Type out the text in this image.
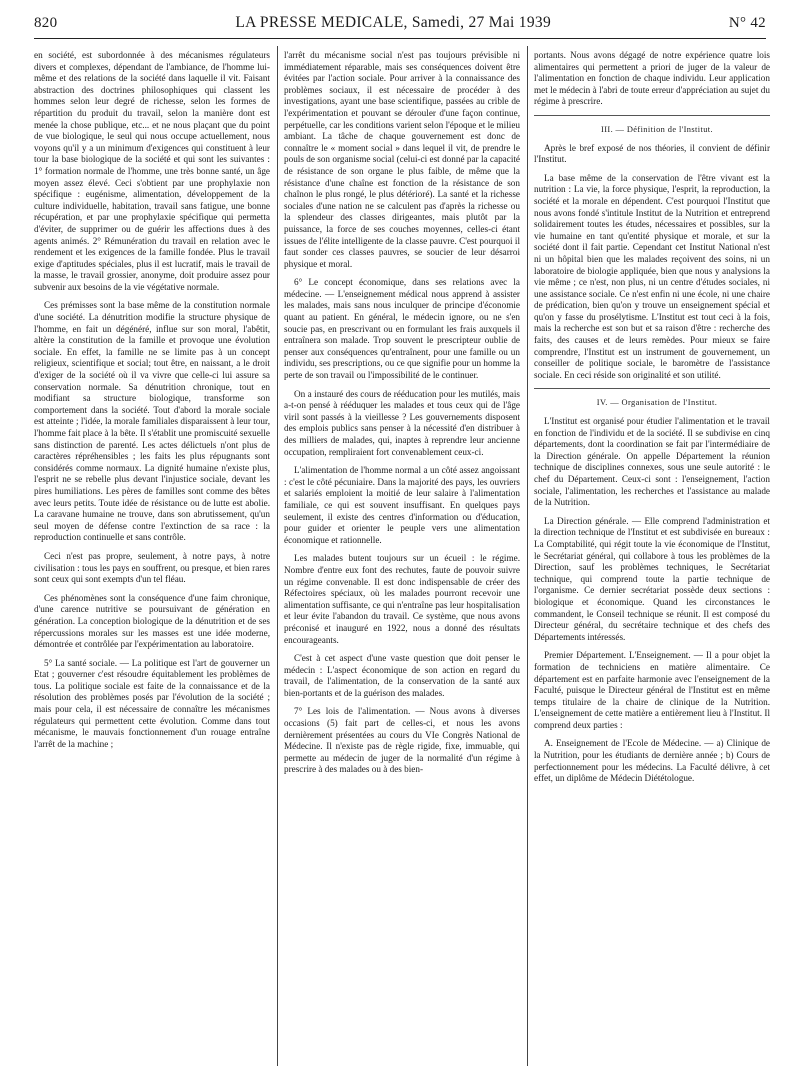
820	LA PRESSE MEDICALE, Samedi, 27 Mai 1939	N° 42

en société, est subordonnée à des mécanismes régulateurs divers et complexes, dépendant de l'ambiance, de l'homme lui-même et des relations de la société dans laquelle il vit. Faisant abstraction des doctrines philosophiques qui classent les hommes selon leur degré de richesse, selon les formes de répartition du produit du travail, selon la manière dont est menée la chose publique, etc... et ne nous plaçant que du point de vue biologique, le seul qui nous occupe actuellement, nous voyons qu'il y a un minimum d'exigences qui constituent à leur tour la base biologique de la société et qui sont les suivantes : 1° formation normale de l'homme, une très bonne santé, un âge moyen assez élevé. Ceci s'obtient par une prophylaxie non spécifique : eugénisme, alimentation, développement de la culture individuelle, habitation, travail sans fatigue, une bonne récupération, et par une prophylaxie spécifique qui permetta d'éviter, de supprimer ou de guérir les affections dues à des agents animés. 2° Rémunération du travail en relation avec le rendement et les exigences de la famille fondée. Plus le travail exige d'aptitudes spéciales, plus il est lucratif, mais le travail de la masse, le travail grossier, anonyme, doit produire assez pour subvenir aux besoins de la vie végétative normale.

Ces prémisses sont la base même de la constitution normale d'une société. La dénutrition modifie la structure physique de l'homme, en fait un dégénéré, influe sur son moral, l'abêtit, altère la constitution de la famille et provoque une évolution sociale. En effet, la famille ne se limite pas à un concept religieux, scientifique et social; tout être, en naissant, a le droit d'exiger de la société où il va vivre que celle-ci lui assure sa conservation normale. Sa dénutrition chronique, tout en modifiant sa structure biologique, transforme son comportement dans la société. Tout d'abord la morale sociale est atteinte ; l'idée, la morale familiales disparaissent à leur tour, l'homme fait place à la bête. Il s'établit une promiscuité sexuelle sans distinction de parenté. Les actes délictuels n'ont plus de caractères répréhensibles ; les faits les plus répugnants sont considérés comme normaux. La dignité humaine n'existe plus, l'esprit ne se rebelle plus devant l'injustice sociale, devant les pires humiliations. Les pères de familles sont comme des bêtes avec leurs petits. Toute idée de résistance ou de lutte est abolie. La caravane humaine ne trouve, dans son abrutissement, qu'un seul moyen de défense contre l'extinction de sa race : la reproduction continuelle et sans contrôle.

Ceci n'est pas propre, seulement, à notre pays, à notre civilisation : tous les pays en souffrent, ou presque, et bien rares sont ceux qui sont exempts d'un tel fléau.

Ces phénomènes sont la conséquence d'une faim chronique, d'une carence nutritive se poursuivant de génération en génération. La conception biologique de la dénutrition et de ses répercussions morales sur les masses est une idée moderne, démontrée et contrôlée par l'expérimentation au laboratoire.

5° La santé sociale. — La politique est l'art de gouverner un Etat ; gouverner c'est résoudre équitablement les problèmes de tous. La politique sociale est faite de la connaissance et de la résolution des problèmes posés par l'évolution de la société ; mais pour cela, il est nécessaire de connaître les mécanismes régulateurs qui permettent cette évolution. Comme dans tout mécanisme, le mauvais fonctionnement d'un rouage entraîne l'arrêt de la machine ;

l'arrêt du mécanisme social n'est pas toujours prévisible ni immédiatement réparable, mais ses conséquences doivent être évitées par l'action sociale. Pour arriver à la connaissance des problèmes sociaux, il est nécessaire de procéder à des investigations, ayant une base scientifique, passées au crible de l'expérimentation et pouvant se dérouler d'une façon continue, perpétuelle, car les conditions varient selon l'époque et le milieu ambiant. La tâche de chaque gouvernement est donc de connaître le « moment social » dans lequel il vit, de prendre le pouls de son organisme social (celui-ci est donné par la capacité de résistance de son organe le plus faible, de même que la résistance d'une chaîne est fonction de la résistance de son chaînon le plus rongé, le plus détérioré). La santé et la richesse sociales d'une nation ne se calculent pas d'après la richesse ou la splendeur des classes dirigeantes, mais plutôt par la puissance, la force de ses couches moyennes, celles-ci étant issues de l'élite intelligente de la classe pauvre. C'est pourquoi il faut sonder ces classes pauvres, se soucier de leur désarroi physique et moral.

6° Le concept économique, dans ses relations avec la médecine. — L'enseignement médical nous apprend à assister les malades, mais sans nous inculquer de principe d'économie quant au patient. En général, le médecin ignore, ou ne s'en soucie pas, en prescrivant ou en formulant les frais auxquels il entraînera son malade. Trop souvent le prescripteur oublie de penser aux conséquences qu'entraînent, pour une famille ou un individu, ses prescriptions, ou ce que signifie pour un homme la perte de son travail ou l'impossibilité de le continuer.

On a instauré des cours de rééducation pour les mutilés, mais a-t-on pensé à rééduquer les malades et tous ceux qui de l'âge viril sont passés à la vieillesse ? Les gouvernements disposent des emplois publics sans penser à la nécessité d'en distribuer à des milliers de malades, qui, inaptes à reprendre leur ancienne occupation, rempliraient fort convenablement ceux-ci.

L'alimentation de l'homme normal a un côté assez angoissant : c'est le côté pécuniaire. Dans la majorité des pays, les ouvriers et salariés emploient la moitié de leur salaire à l'alimentation familiale, ce qui est souvent insuffisant. En quelques pays seulement, il existe des centres d'information ou d'éducation, pour guider et orienter le peuple vers une alimentation économique et rationnelle.

Les malades butent toujours sur un écueil : le régime. Nombre d'entre eux font des rechutes, faute de pouvoir suivre un régime convenable. Il est donc indispensable de créer des Réfectoires spéciaux, où les malades pourront recevoir une alimentation suffisante, ce qui n'entraîne pas leur hospitalisation et leur évite l'abandon du travail. Ce système, que nous avons préconisé et inauguré en 1922, nous a donné des résultats encourageants.

C'est à cet aspect d'une vaste question que doit penser le médecin : L'aspect économique de son action en regard du travail, de l'alimentation, de la conservation de la santé aux bien-portants et de la guérison des malades.

7° Les lois de l'alimentation. — Nous avons à diverses occasions (5) fait part de celles-ci, et nous les avons dernièrement présentées au cours du VIe Congrès National de Médecine. Il n'existe pas de règle rigide, fixe, immuable, qui permette au médecin de juger de la normalité d'un régime à prescrire à des malades ou à des bien-

portants. Nous avons dégagé de notre expérience quatre lois alimentaires qui permettent a priori de juger de la valeur de l'alimentation en fonction de chaque individu. Leur application met le médecin à l'abri de toute erreur d'appréciation au sujet du régime à prescrire.

III. — Définition de l'Institut.

Après le bref exposé de nos théories, il convient de définir l'Institut.

La base même de la conservation de l'être vivant est la nutrition : La vie, la force physique, l'esprit, la reproduction, la société et la morale en dépendent. C'est pourquoi l'Institut que nous avons fondé s'intitule Institut de la Nutrition et entreprend solidairement toutes les études, nécessaires et possibles, sur la vie humaine en tant qu'entité physique et morale, et sur la société dont il fait partie. Cependant cet Institut National n'est ni un hôpital bien que les malades reçoivent des soins, ni un laboratoire de biologie appliquée, bien que nous y analysions la vie même ; ce n'est, non plus, ni un centre d'études sociales, ni une assistance sociale. Ce n'est enfin ni une école, ni une chaire de prédication, bien qu'on y trouve un enseignement spécial et qu'on y fasse du prosélytisme. L'Institut est tout ceci à la fois, mais la recherche est son but et sa raison d'être : recherche des faits, des causes et de leurs remèdes. Pour mieux se faire comprendre, l'Institut est un instrument de gouvernement, un conseiller de politique sociale, le baromètre de l'assistance sociale. En ceci réside son originalité et son utilité.

IV. — Organisation de l'Institut.

L'Institut est organisé pour étudier l'alimentation et le travail en fonction de l'individu et de la société. Il se subdivise en cinq départements, dont la coordination se fait par l'intermédiaire de la Direction générale. On appelle Département la réunion technique de disciplines connexes, sous une seule autorité : le chef du Département. Ceux-ci sont : l'enseignement, l'action sociale, l'alimentation, les recherches et l'assistance au malade de la Nutrition.

La Direction générale. — Elle comprend l'administration et la direction technique de l'Institut et est subdivisée en bureaux : La Comptabilité, qui régit toute la vie économique de l'Institut, le Secrétariat général, qui collabore à tous les problèmes de la Direction, sauf les problèmes techniques, le Secrétariat technique, qui comprend toute la partie technique de l'organisme. Ce dernier secrétariat possède deux sections : biologique et économique. Quand les circonstances le commandent, le Conseil technique se réunit. Il est composé du Directeur général, du secrétaire technique et des chefs des Départements intéressés.

Premier Département. L'Enseignement. — Il a pour objet la formation de techniciens en matière alimentaire. Ce département est en parfaite harmonie avec l'enseignement de la Faculté, puisque le Directeur général de l'Institut est en même temps titulaire de la chaire de clinique de la Nutrition. L'enseignement de cette matière a entièrement lieu à l'Institut. Il comprend deux parties :

A. Enseignement de l'Ecole de Médecine. — a) Clinique de la Nutrition, pour les étudiants de dernière année ; b) Cours de perfectionnement pour les médecins. La Faculté délivre, à cet effet, un diplôme de Médecin Diététologue.
